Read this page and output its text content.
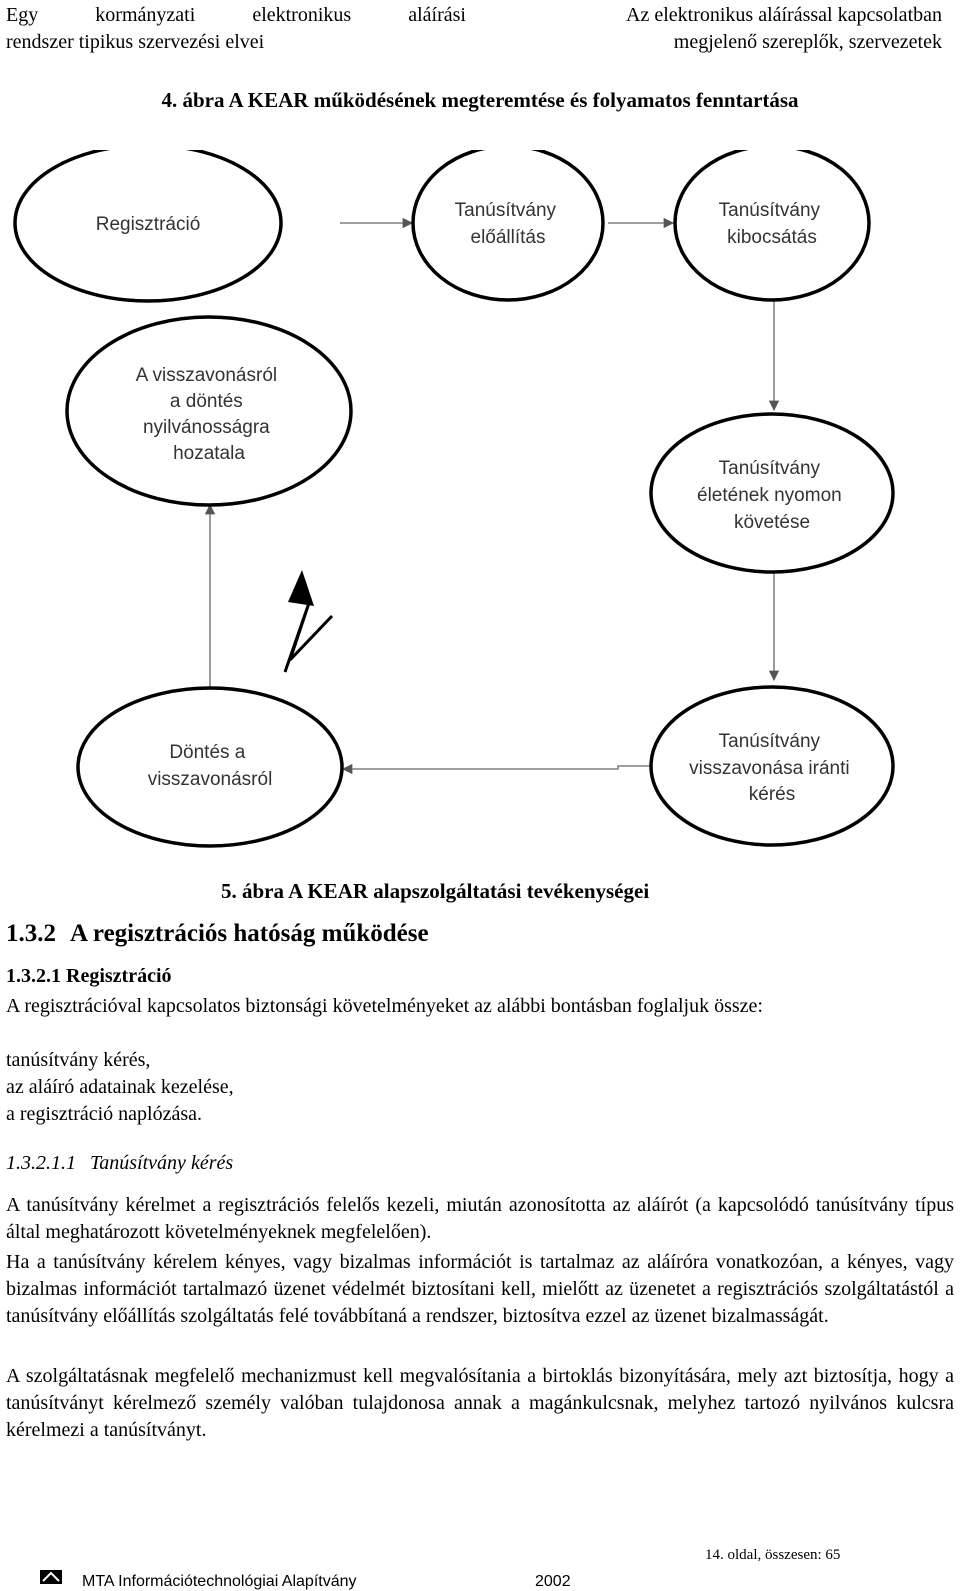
Egy kormányzati elektronikus aláírási
rendszer tipikus szervezési elvei
Az elektronikus aláírással kapcsolatban
megjelenő szereplők, szervezetek
4. ábra A KEAR működésének megteremtése és folyamatos fenntartása
Regisztráció
Tanúsítvány előállítás
Tanúsítvány kibocsátás
A visszavonásról a döntés nyilvánosságra hozatala
Tanúsítvány életének nyomon követése
Döntés a visszavonásról
Tanúsítvány visszavonása iránti kérés
5. ábra A KEAR alapszolgáltatási tevékenységei
1.3.2 A regisztrációs hatóság működése
1.3.2.1 Regisztráció
A regisztrációval kapcsolatos biztonsági követelményeket az alábbi bontásban foglaljuk össze:
tanúsítvány kérés,
az aláíró adatainak kezelése,
a regisztráció naplózása.
1.3.2.1.1 Tanúsítvány kérés
A tanúsítvány kérelmet a regisztrációs felelős kezeli, miután azonosította az aláírót (a kapcsolódó tanúsítvány típus által meghatározott követelményeknek megfelelően).
Ha a tanúsítvány kérelem kényes, vagy bizalmas információt is tartalmaz az aláíróra vonatkozóan, a kényes, vagy bizalmas információt tartalmazó üzenet védelmét biztosítani kell, mielőtt az üzenetet a regisztrációs szolgáltatástól a tanúsítvány előállítás szolgáltatás felé továbbítaná a rendszer, biztosítva ezzel az üzenet bizalmasságát.
A szolgáltatásnak megfelelő mechanizmust kell megvalósítania a birtoklás bizonyítására, mely azt biztosítja, hogy a tanúsítványt kérelmező személy valóban tulajdonosa annak a magánkulcsnak, melyhez tartozó nyilvános kulcsra kérelmezi a tanúsítványt.
14. oldal, összesen: 65
MTA Információtechnológiai Alapítvány	2002
